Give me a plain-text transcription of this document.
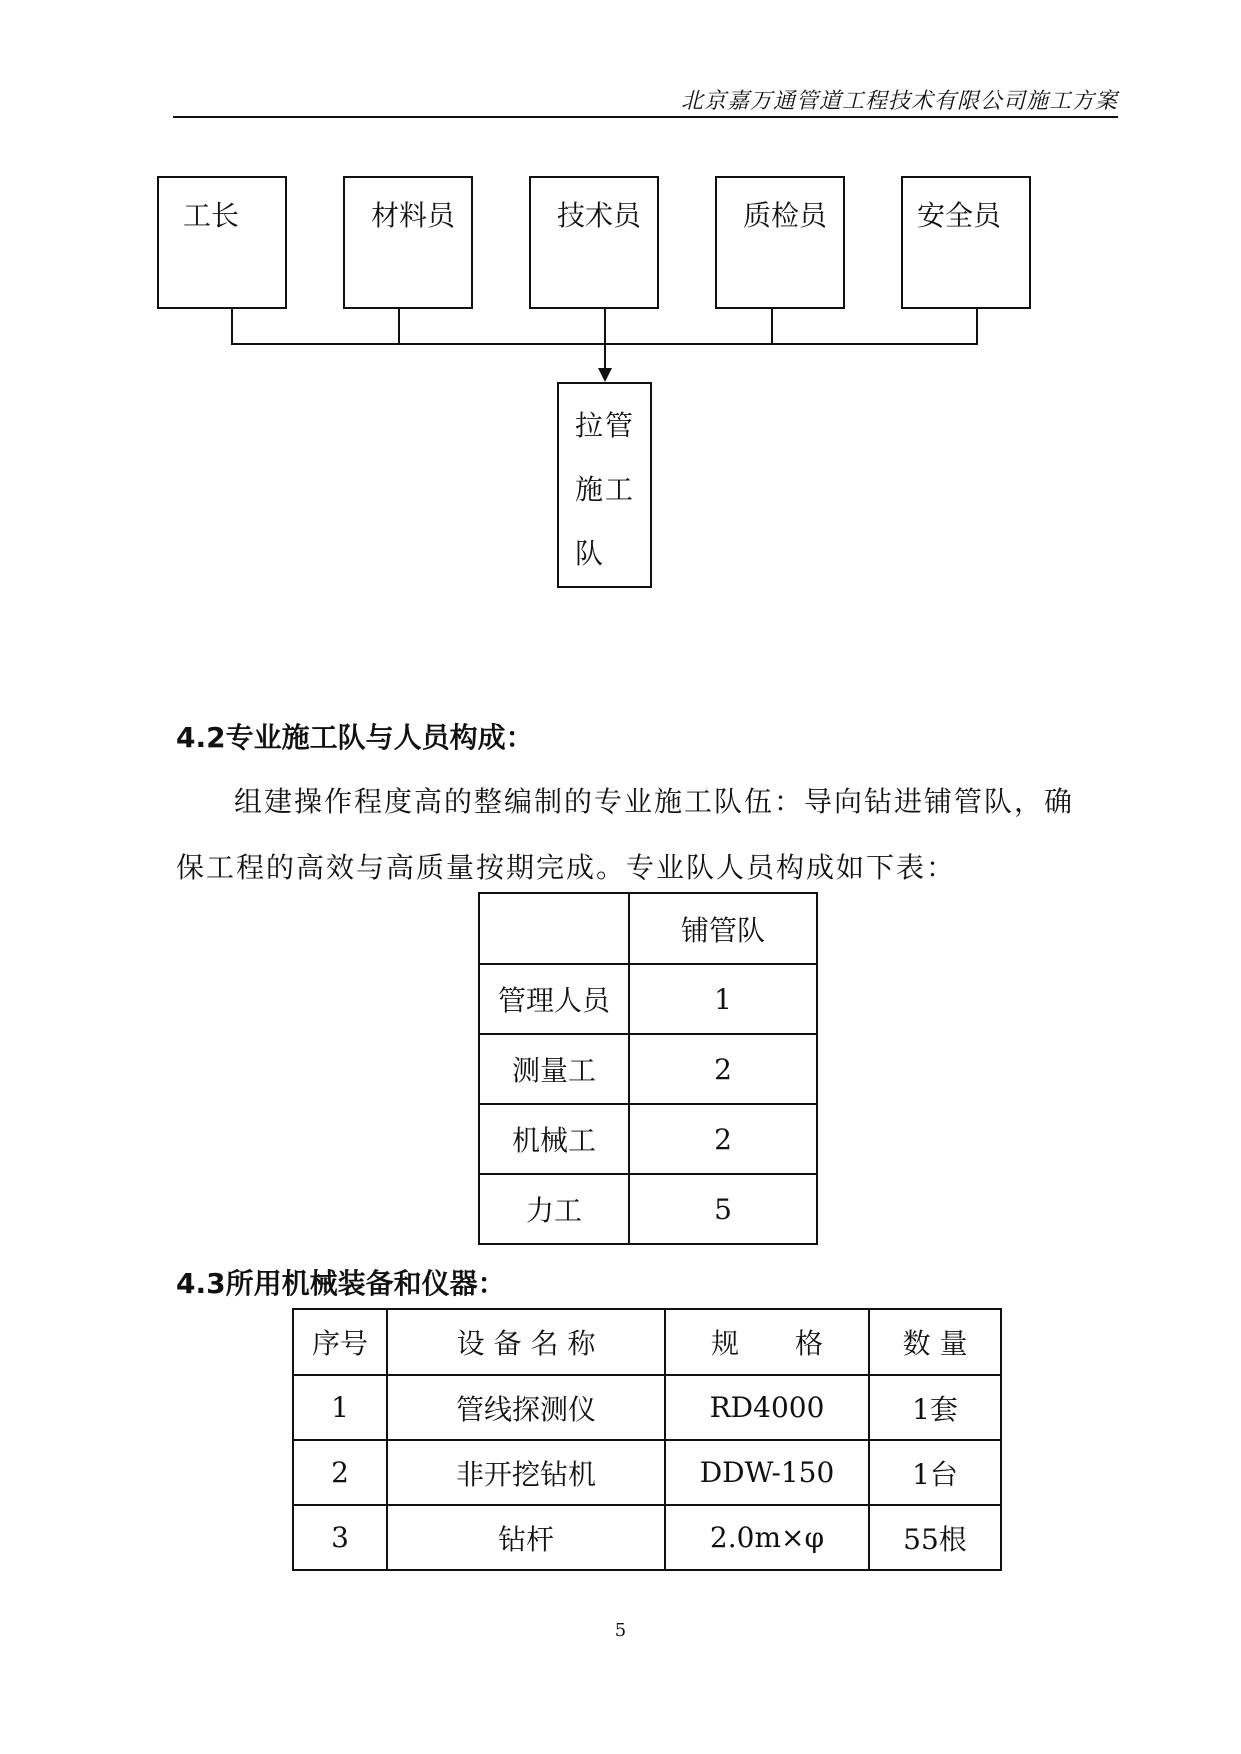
北京嘉万通管道工程技术有限公司施工方案
工长	材料员	技术员	质检员	安全员
拉管
施工
队
4.2专业施工队与人员构成：
组建操作程度高的整编制的专业施工队伍：导向钻进铺管队，确
保工程的高效与高质量按期完成。专业队人员构成如下表：
	铺管队
管理人员	1
测量工	2
机械工	2
力工	5
4.3所用机械装备和仪器：
序号	设 备 名 称	规　　格	数 量
1	管线探测仪	RD4000	1套
2	非开挖钻机	DDW-150	1台
3	钻杆	2.0m×φ	55根
5
